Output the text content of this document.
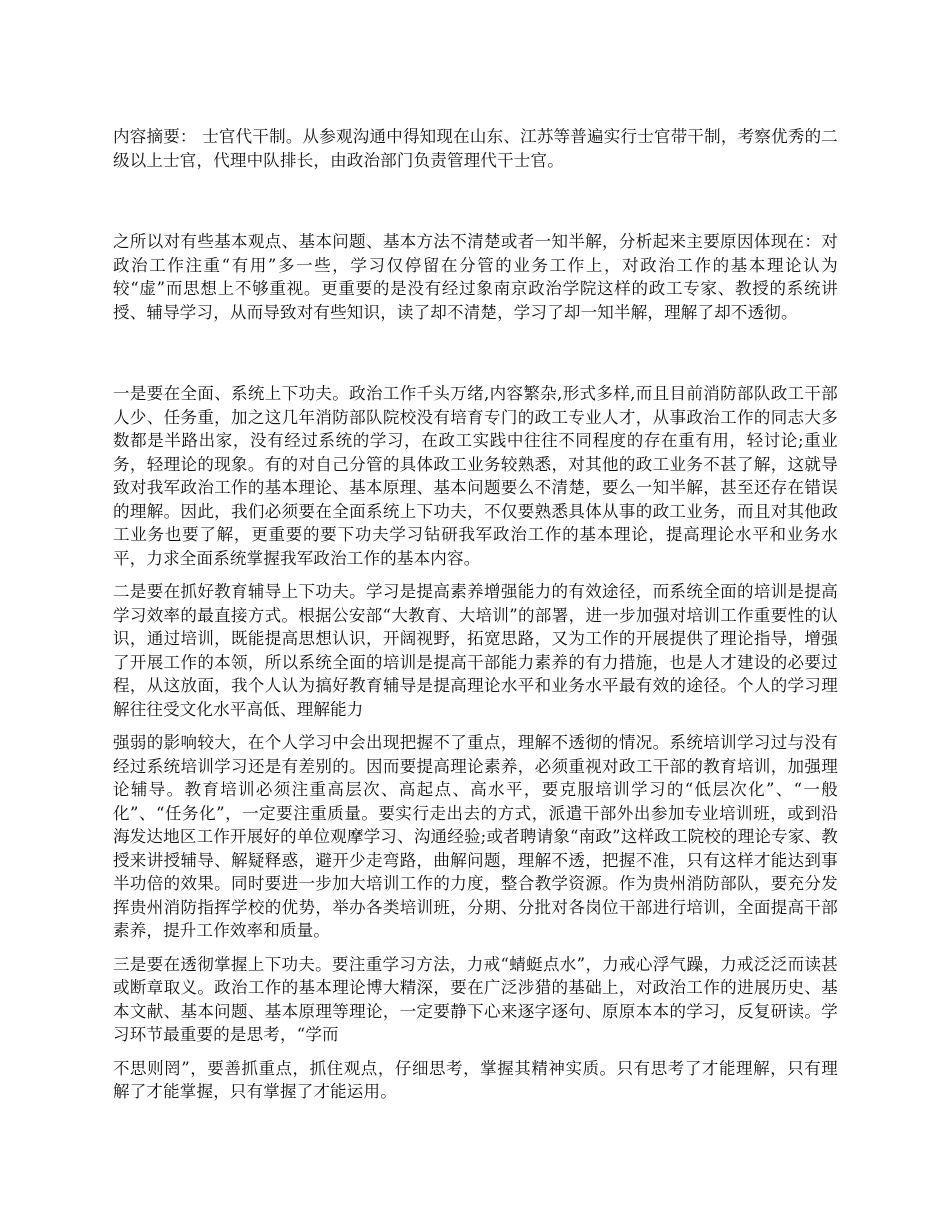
内容摘要： 士官代干制。从参观沟通中得知现在山东、江苏等普遍实行士官带干制，考察优秀的二级以上士官，代理中队排长，由政治部门负责管理代干士官。

之所以对有些基本观点、基本问题、基本方法不清楚或者一知半解，分析起来主要原因体现在：对政治工作注重“有用”多一些，学习仅停留在分管的业务工作上，对政治工作的基本理论认为较“虚”而思想上不够重视。更重要的是没有经过象南京政治学院这样的政工专家、教授的系统讲授、辅导学习，从而导致对有些知识，读了却不清楚，学习了却一知半解，理解了却不透彻。

一是要在全面、系统上下功夫。政治工作千头万绪,内容繁杂,形式多样,而且目前消防部队政工干部人少、任务重，加之这几年消防部队院校没有培育专门的政工专业人才，从事政治工作的同志大多数都是半路出家，没有经过系统的学习，在政工实践中往往不同程度的存在重有用，轻讨论;重业务，轻理论的现象。有的对自己分管的具体政工业务较熟悉，对其他的政工业务不甚了解，这就导致对我军政治工作的基本理论、基本原理、基本问题要么不清楚，要么一知半解，甚至还存在错误的理解。因此，我们必须要在全面系统上下功夫，不仅要熟悉具体从事的政工业务，而且对其他政工业务也要了解，更重要的要下功夫学习钻研我军政治工作的基本理论，提高理论水平和业务水平，力求全面系统掌握我军政治工作的基本内容。

二是要在抓好教育辅导上下功夫。学习是提高素养增强能力的有效途径，而系统全面的培训是提高学习效率的最直接方式。根据公安部“大教育、大培训”的部署，进一步加强对培训工作重要性的认识，通过培训，既能提高思想认识，开阔视野，拓宽思路，又为工作的开展提供了理论指导，增强了开展工作的本领，所以系统全面的培训是提高干部能力素养的有力措施，也是人才建设的必要过程，从这放面，我个人认为搞好教育辅导是提高理论水平和业务水平最有效的途径。个人的学习理解往往受文化水平高低、理解能力

强弱的影响较大，在个人学习中会出现把握不了重点，理解不透彻的情况。系统培训学习过与没有经过系统培训学习还是有差别的。因而要提高理论素养，必须重视对政工干部的教育培训，加强理论辅导。教育培训必须注重高层次、高起点、高水平，要克服培训学习的“低层次化”、“一般化”、“任务化”，一定要注重质量。要实行走出去的方式，派遣干部外出参加专业培训班，或到沿海发达地区工作开展好的单位观摩学习、沟通经验;或者聘请象“南政”这样政工院校的理论专家、教授来讲授辅导、解疑释惑，避开少走弯路，曲解问题，理解不透，把握不准，只有这样才能达到事半功倍的效果。同时要进一步加大培训工作的力度，整合教学资源。作为贵州消防部队，要充分发挥贵州消防指挥学校的优势，举办各类培训班，分期、分批对各岗位干部进行培训，全面提高干部素养，提升工作效率和质量。

三是要在透彻掌握上下功夫。要注重学习方法，力戒“蜻蜓点水”，力戒心浮气躁，力戒泛泛而读甚或断章取义。政治工作的基本理论博大精深，要在广泛涉猎的基础上，对政治工作的进展历史、基本文献、基本问题、基本原理等理论，一定要静下心来逐字逐句、原原本本的学习，反复研读。学习环节最重要的是思考，“学而

不思则罔”，要善抓重点，抓住观点，仔细思考，掌握其精神实质。只有思考了才能理解，只有理解了才能掌握，只有掌握了才能运用。
